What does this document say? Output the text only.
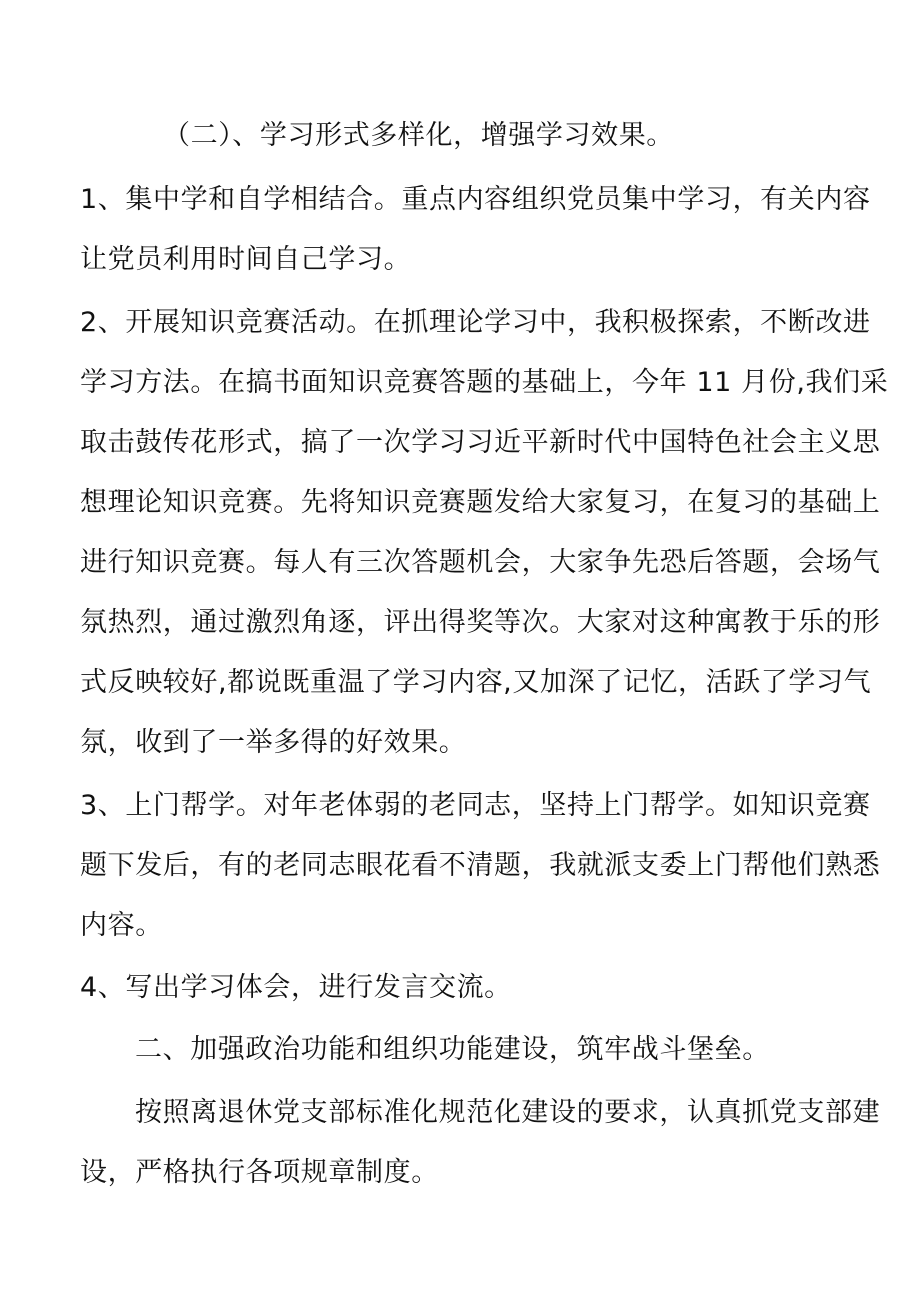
（二）、学习形式多样化，增强学习效果。
1、集中学和自学相结合。重点内容组织党员集中学习，有关内容
让党员利用时间自己学习。
2、开展知识竞赛活动。在抓理论学习中，我积极探索，不断改进
学习方法。在搞书面知识竞赛答题的基础上，今年 11 月份,我们采
取击鼓传花形式，搞了一次学习习近平新时代中国特色社会主义思
想理论知识竞赛。先将知识竞赛题发给大家复习，在复习的基础上
进行知识竞赛。每人有三次答题机会，大家争先恐后答题，会场气
氛热烈，通过激烈角逐，评出得奖等次。大家对这种寓教于乐的形
式反映较好,都说既重温了学习内容,又加深了记忆，活跃了学习气
氛，收到了一举多得的好效果。
3、上门帮学。对年老体弱的老同志，坚持上门帮学。如知识竞赛
题下发后，有的老同志眼花看不清题，我就派支委上门帮他们熟悉
内容。
4、写出学习体会，进行发言交流。
二、加强政治功能和组织功能建设，筑牢战斗堡垒。
按照离退休党支部标准化规范化建设的要求，认真抓党支部建
设，严格执行各项规章制度。
